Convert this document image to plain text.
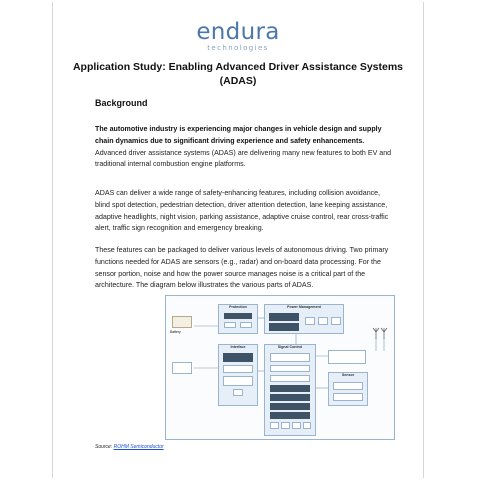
endura
technologies
Application Study: Enabling Advanced Driver Assistance Systems (ADAS)
Background
The automotive industry is experiencing major changes in vehicle design and supply chain dynamics due to significant driving experience and safety enhancements. Advanced driver assistance systems (ADAS) are delivering many new features to both EV and traditional internal combustion engine platforms.
ADAS can deliver a wide range of safety-enhancing features, including collision avoidance, blind spot detection, pedestrian detection, driver attention detection, lane keeping assistance, adaptive headlights, night vision, parking assistance, adaptive cruise control, rear cross-traffic alert, traffic sign recognition and emergency breaking.
These features can be packaged to deliver various levels of autonomous driving. Two primary functions needed for ADAS are sensors (e.g., radar) and on-board data processing. For the sensor portion, noise and how the power source manages noise is a critical part of the architecture. The diagram below illustrates the various parts of ADAS.
Battery
Protection	Power Management
Interface	Signal Control
Sensor
Source: ROHM Semiconductor
